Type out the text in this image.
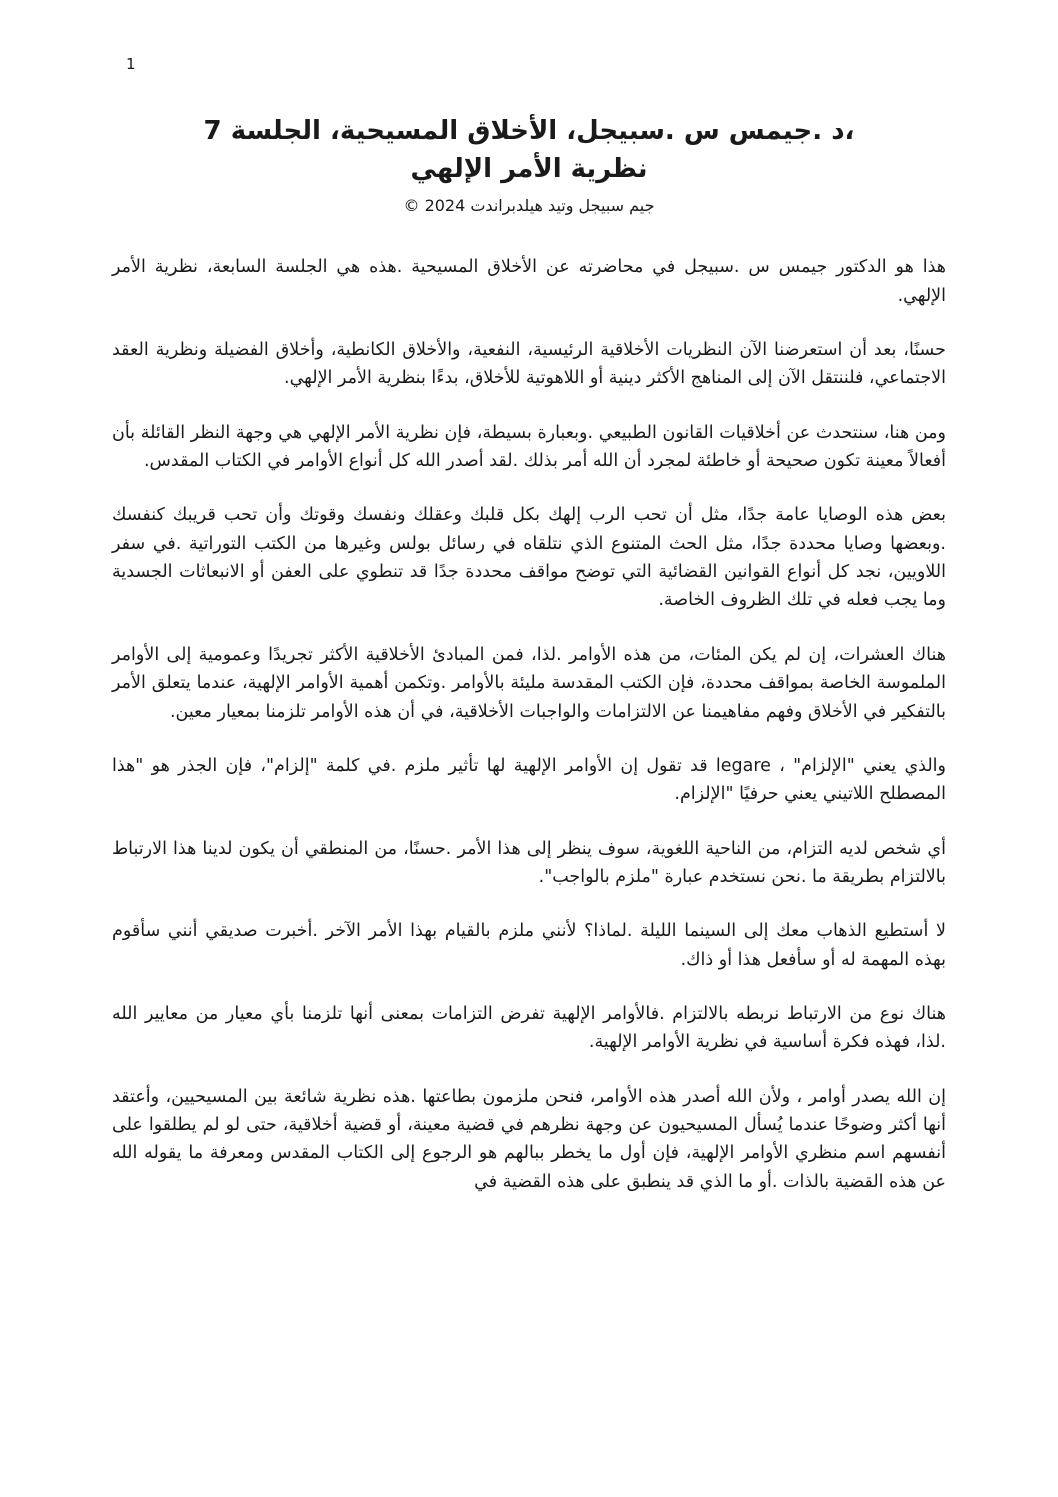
1

،د .جيمس س .سبيجل، الأخلاق المسيحية، الجلسة 7

نظرية الأمر الإلهي

جيم سبيجل وتيد هيلدبراندت 2024 ©

هذا هو الدكتور جيمس س .سبيجل في محاضرته عن الأخلاق المسيحية .هذه هي الجلسة السابعة، نظرية الأمر الإلهي.

حسنًا، بعد أن استعرضنا الآن النظريات الأخلاقية الرئيسية، النفعية، والأخلاق الكانطية، وأخلاق الفضيلة ونظرية العقد الاجتماعي، فلننتقل الآن إلى المناهج الأكثر دينية أو اللاهوتية للأخلاق، بدءًا بنظرية الأمر الإلهي.

ومن هنا، سنتحدث عن أخلاقيات القانون الطبيعي .وبعبارة بسيطة، فإن نظرية الأمر الإلهي هي وجهة النظر القائلة بأن أفعالاً معينة تكون صحيحة أو خاطئة لمجرد أن الله أمر بذلك .لقد أصدر الله كل أنواع الأوامر في الكتاب المقدس.

بعض هذه الوصايا عامة جدًا، مثل أن تحب الرب إلهك بكل قلبك وعقلك ونفسك وقوتك وأن تحب قريبك كنفسك .وبعضها وصايا محددة جدًا، مثل الحث المتنوع الذي نتلقاه في رسائل بولس وغيرها من الكتب التوراتية .في سفر اللاويين، نجد كل أنواع القوانين القضائية التي توضح مواقف محددة جدًا قد تنطوي على العفن أو الانبعاثات الجسدية وما يجب فعله في تلك الظروف الخاصة.

هناك العشرات، إن لم يكن المئات، من هذه الأوامر .لذا، فمن المبادئ الأخلاقية الأكثر تجريدًا وعمومية إلى الأوامر الملموسة الخاصة بمواقف محددة، فإن الكتب المقدسة مليئة بالأوامر .وتكمن أهمية الأوامر الإلهية، عندما يتعلق الأمر بالتفكير في الأخلاق وفهم مفاهيمنا عن الالتزامات والواجبات الأخلاقية، في أن هذه الأوامر تلزمنا بمعيار معين.

والذي يعني "الإلزام" ، legare قد تقول إن الأوامر الإلهية لها تأثير ملزم .في كلمة "إلزام"، فإن الجذر هو "هذا المصطلح اللاتيني يعني حرفيًا "الإلزام.

أي شخص لديه التزام، من الناحية اللغوية، سوف ينظر إلى هذا الأمر .حسنًا، من المنطقي أن يكون لدينا هذا الارتباط بالالتزام بطريقة ما .نحن نستخدم عبارة "ملزم بالواجب".

لا أستطيع الذهاب معك إلى السينما الليلة .لماذا؟ لأنني ملزم بالقيام بهذا الأمر الآخر .أخبرت صديقي أنني سأقوم بهذه المهمة له أو سأفعل هذا أو ذاك.

هناك نوع من الارتباط نربطه بالالتزام .فالأوامر الإلهية تفرض التزامات بمعنى أنها تلزمنا بأي معيار من معايير الله .لذا، فهذه فكرة أساسية في نظرية الأوامر الإلهية.

إن الله يصدر أوامر ، ولأن الله أصدر هذه الأوامر، فنحن ملزمون بطاعتها .هذه نظرية شائعة بين المسيحيين، وأعتقد أنها أكثر وضوحًا عندما يُسأل المسيحيون عن وجهة نظرهم في قضية معينة، أو قضية أخلاقية، حتى لو لم يطلقوا على أنفسهم اسم منظري الأوامر الإلهية، فإن أول ما يخطر ببالهم هو الرجوع إلى الكتاب المقدس ومعرفة ما يقوله الله عن هذه القضية بالذات .أو ما الذي قد ينطبق على هذه القضية في
